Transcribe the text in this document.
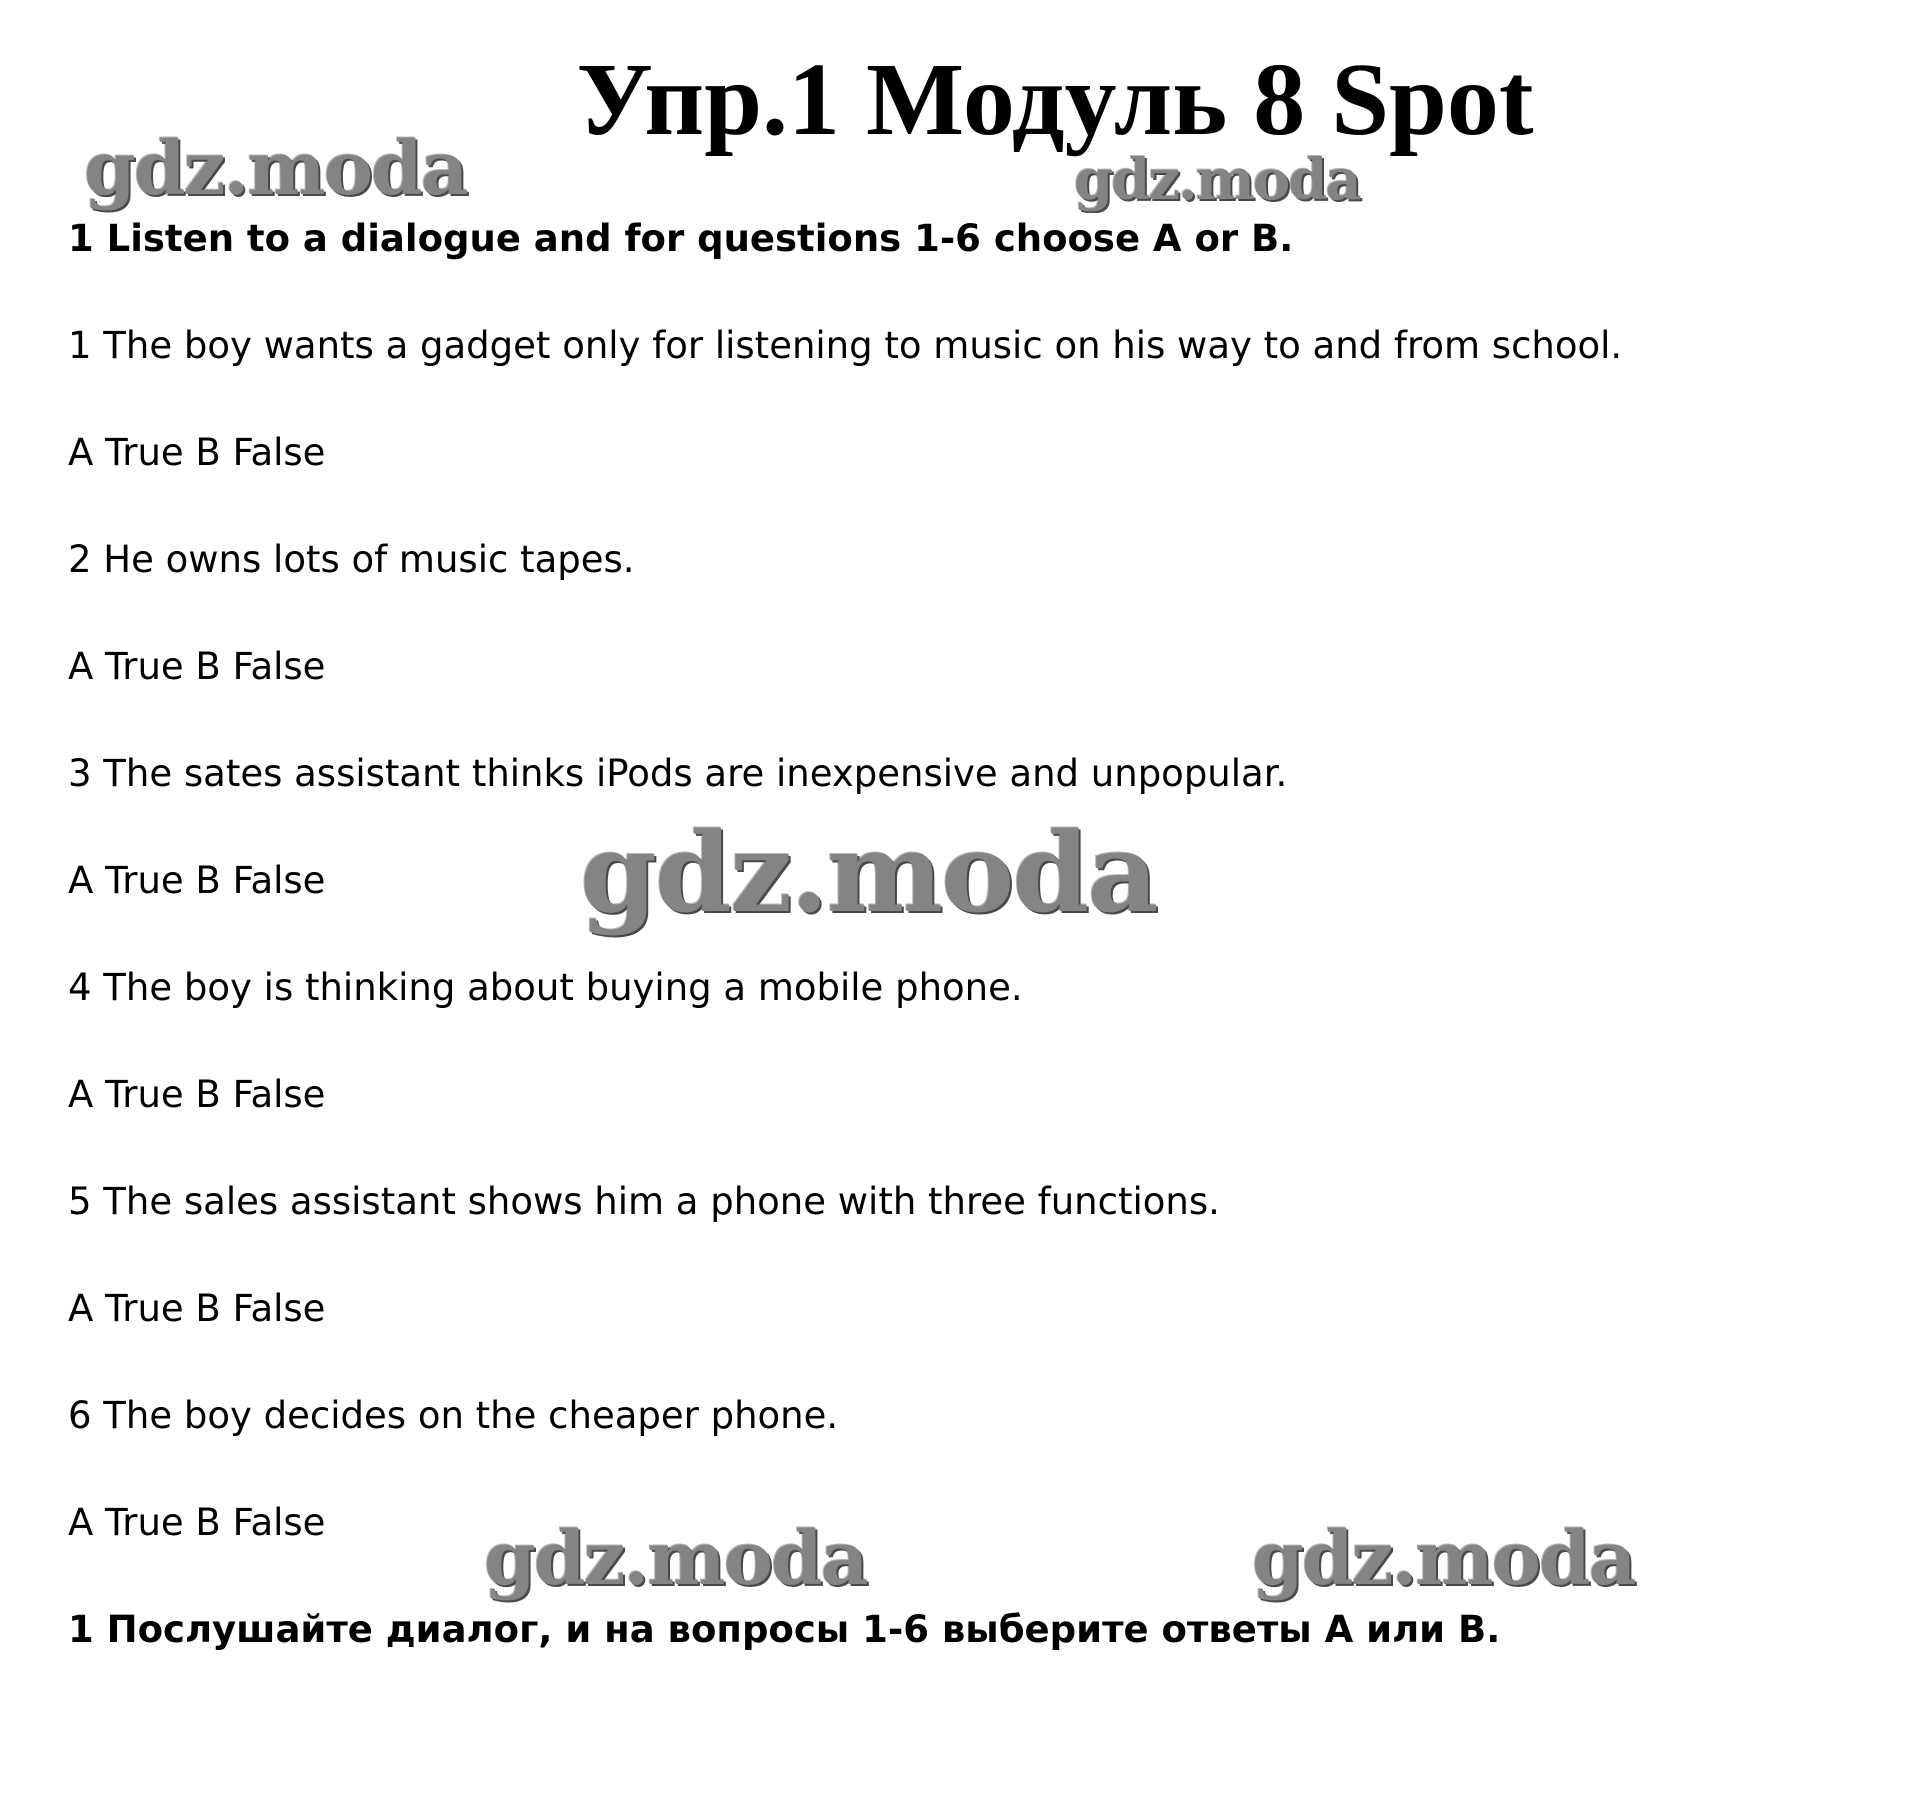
Упр.1 Модуль 8 Spot

1 Listen to a dialogue and for questions 1-6 choose A or B.

1 The boy wants a gadget only for listening to music on his way to and from school.

A True B False

2 He owns lots of music tapes.

A True B False

3 The sates assistant thinks iPods are inexpensive and unpopular.

A True B False

4 The boy is thinking about buying a mobile phone.

A True B False

5 The sales assistant shows him a phone with three functions.

A True B False

6 The boy decides on the cheaper phone.

A True B False

1 Послушайте диалог, и на вопросы 1-6 выберите ответы А или В.

gdz.moda	gdz.moda
gdz.moda
gdz.moda	gdz.moda
